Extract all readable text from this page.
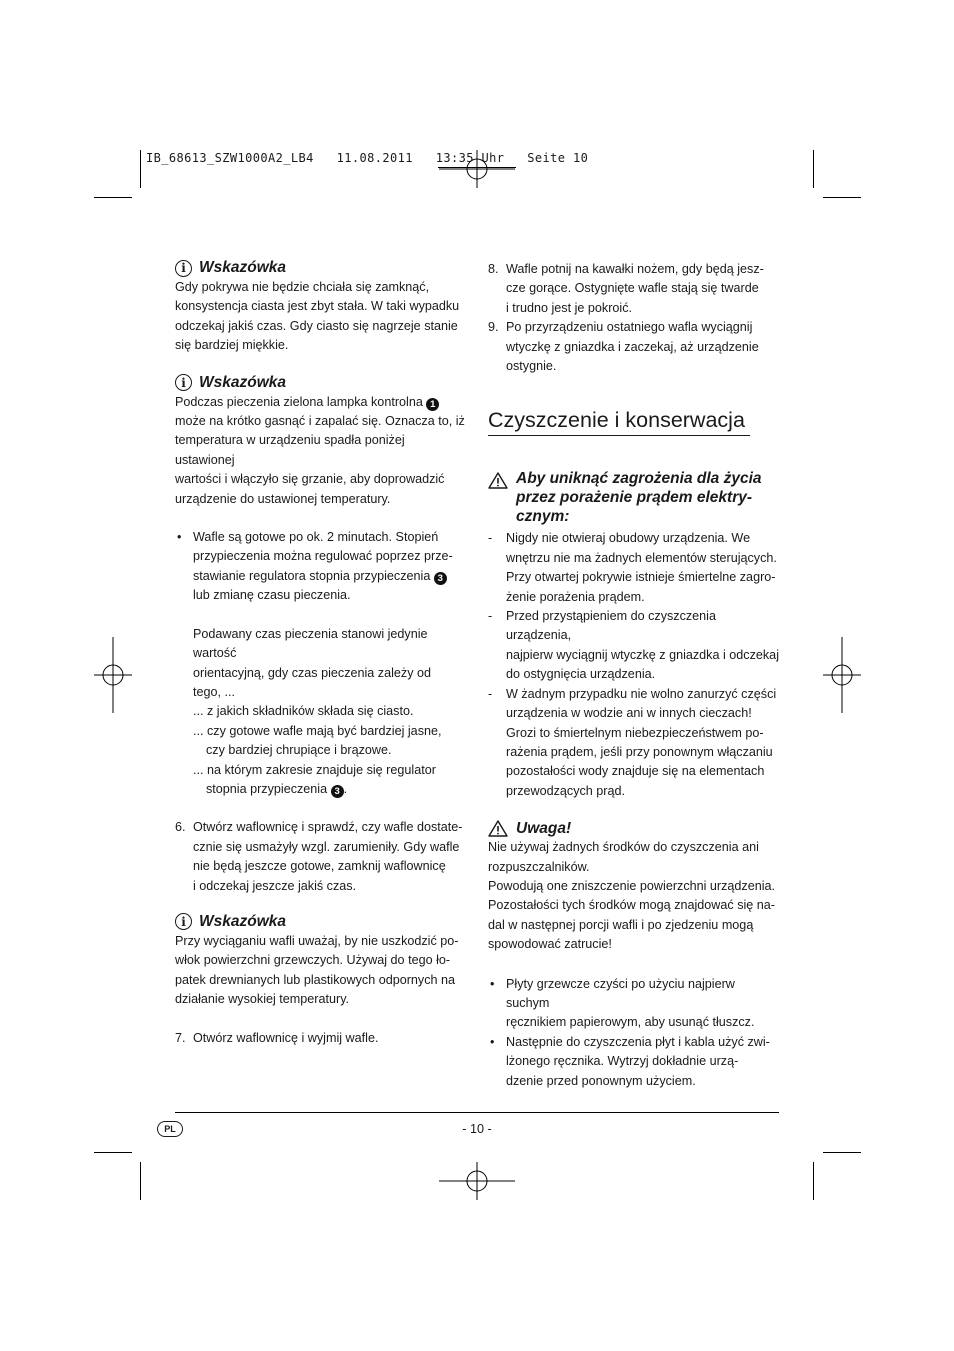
IB_68613_SZW1000A2_LB4   11.08.2011   13:35 Uhr   Seite 10
i Wskazówka

Gdy pokrywa nie będzie chciała się zamknąć,

konsystencja ciasta jest zbyt stała. W taki wypadku

odczekaj jakiś czas. Gdy ciasto się nagrzeje stanie

się bardziej miękkie.

i Wskazówka

Podczas pieczenia zielona lampka kontrolna 1

może na krótko gasnąć i zapalać się. Oznacza to, iż

temperatura w urządzeniu spadła poniżej ustawionej

wartości i włączyło się grzanie, aby doprowadzić

urządzenie do ustawionej temperatury.

• Wafle są gotowe po ok. 2 minutach. Stopień

przypieczenia można regulować poprzez prze-

stawianie regulatora stopnia przypieczenia 3

lub zmianę czasu pieczenia.

Podawany czas pieczenia stanowi jedynie wartość

orientacyjną, gdy czas pieczenia zależy od

tego, ...

... z jakich składników składa się ciasto.

... czy gotowe wafle mają być bardziej jasne,

czy bardziej chrupiące i brązowe.

... na którym zakresie znajduje się regulator

stopnia przypieczenia 3 .

6. Otwórz waflownicę i sprawdź, czy wafle dostate-

cznie się usmażyły wzgl. zarumieniły. Gdy wafle

nie będą jeszcze gotowe, zamknij waflownicę

i odczekaj jeszcze jakiś czas.

i Wskazówka

Przy wyciąganiu wafli uważaj, by nie uszkodzić po-

włok powierzchni grzewczych. Używaj do tego ło-

patek drewnianych lub plastikowych odpornych na

działanie wysokiej temperatury.

7. Otwórz waflownicę i wyjmij wafle.

8. Wafle potnij na kawałki nożem, gdy będą jesz-

cze gorące. Ostygnięte wafle stają się twarde

i trudno jest je pokroić.

9. Po przyrządzeniu ostatniego wafla wyciągnij

wtyczkę z gniazdka i zaczekaj, aż urządzenie

ostygnie.

Czyszczenie i konserwacja
Aby uniknąć zagrożenia dla życia
przez porażenie prądem elektry-
cznym:

- Nigdy nie otwieraj obudowy urządzenia. We

wnętrzu nie ma żadnych elementów sterujących.

Przy otwartej pokrywie istnieje śmiertelne zagro-

żenie porażenia prądem.

- Przed przystąpieniem do czyszczenia urządzenia,

najpierw wyciągnij wtyczkę z gniazdka i odczekaj

do ostygnięcia urządzenia.

- W żadnym przypadku nie wolno zanurzyć części

urządzenia w wodzie ani w innych cieczach!

Grozi to śmiertelnym niebezpieczeństwem po-

rażenia prądem, jeśli przy ponownym włączaniu

pozostałości wody znajduje się na elementach

przewodzących prąd.

Uwaga!

Nie używaj żadnych środków do czyszczenia ani

rozpuszczalników.

Powodują one zniszczenie powierzchni urządzenia.

Pozostałości tych środków mogą znajdować się na-

dal w następnej porcji wafli i po zjedzeniu mogą

spowodować zatrucie!

• Płyty grzewcze czyści po użyciu najpierw suchym

ręcznikiem papierowym, aby usunąć tłuszcz.

• Następnie do czyszczenia płyt i kabla użyć zwi-

lżonego ręcznika. Wytrzyj dokładnie urzą-

dzenie przed ponownym użyciem.

PL	- 10 -
